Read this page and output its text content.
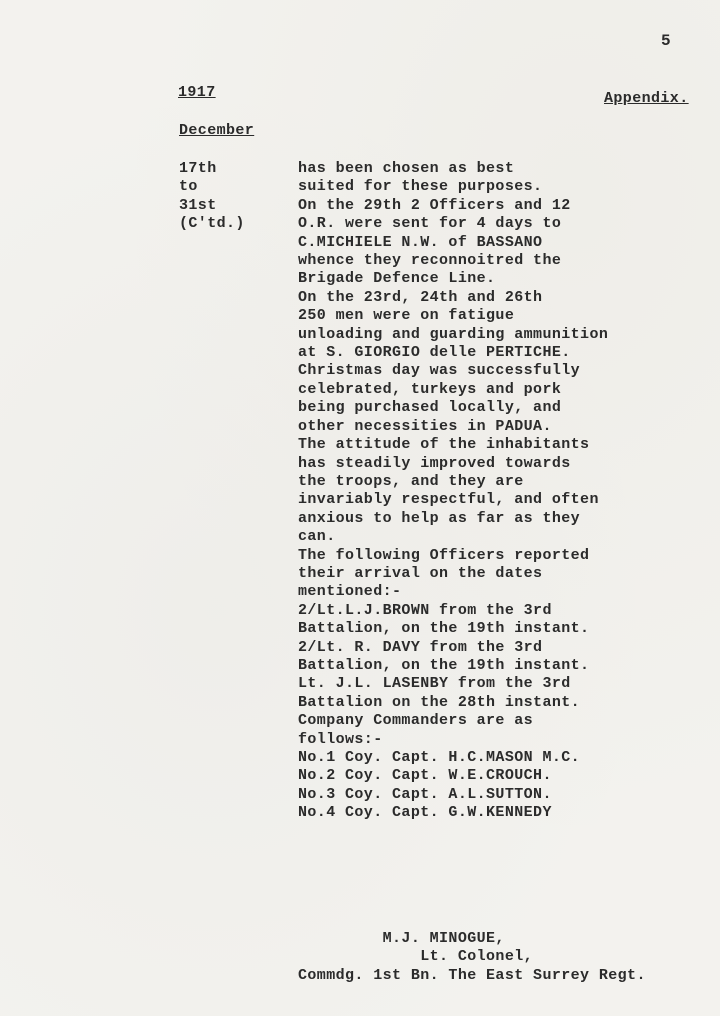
5
1917	Appendix.
December
17th
to
31st
(C'td.)
has been chosen as best
suited for these purposes.
On the 29th 2 Officers and 12
O.R. were sent for 4 days to
C.MICHIELE N.W. of BASSANO
whence they reconnoitred the
Brigade Defence Line.
On the 23rd, 24th and 26th
250 men were on fatigue
unloading and guarding ammunition
at S. GIORGIO delle PERTICHE.
Christmas day was successfully
celebrated, turkeys and pork
being purchased locally, and
other necessities in PADUA.
The attitude of the inhabitants
has steadily improved towards
the troops, and they are
invariably respectful, and often
anxious to help as far as they
can.
The following Officers reported
their arrival on the dates
mentioned:-
2/Lt.L.J.BROWN from the 3rd
Battalion, on the 19th instant.
2/Lt. R. DAVY from the 3rd
Battalion, on the 19th instant.
Lt. J.L. LASENBY from the 3rd
Battalion on the 28th instant.
Company Commanders are as
follows:-
No.1 Coy. Capt. H.C.MASON M.C.
No.2 Coy. Capt. W.E.CROUCH.
No.3 Coy. Capt. A.L.SUTTON.
No.4 Coy. Capt. G.W.KENNEDY
M.J. MINOGUE,
Lt. Colonel,
Commdg. 1st Bn. The East Surrey Regt.
